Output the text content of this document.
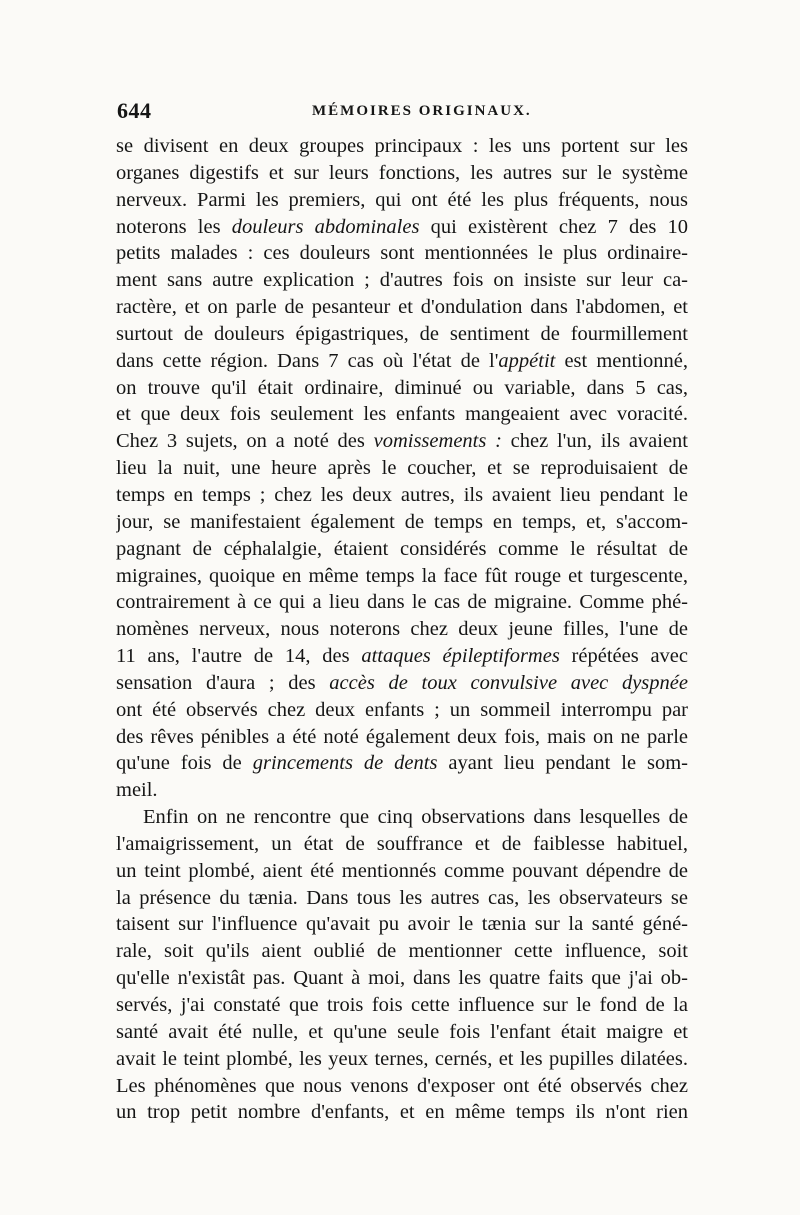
644	MÉMOIRES ORIGINAUX.

se divisent en deux groupes principaux : les uns portent sur les
organes digestifs et sur leurs fonctions, les autres sur le système
nerveux. Parmi les premiers, qui ont été les plus fréquents, nous
noterons les douleurs abdominales qui existèrent chez 7 des 10
petits malades : ces douleurs sont mentionnées le plus ordinaire-
ment sans autre explication ; d'autres fois on insiste sur leur ca-
ractère, et on parle de pesanteur et d'ondulation dans l'abdomen, et
surtout de douleurs épigastriques, de sentiment de fourmillement
dans cette région. Dans 7 cas où l'état de l'appétit est mentionné,
on trouve qu'il était ordinaire, diminué ou variable, dans 5 cas,
et que deux fois seulement les enfants mangeaient avec voracité.
Chez 3 sujets, on a noté des vomissements : chez l'un, ils avaient
lieu la nuit, une heure après le coucher, et se reproduisaient de
temps en temps ; chez les deux autres, ils avaient lieu pendant le
jour, se manifestaient également de temps en temps, et, s'accom-
pagnant de céphalalgie, étaient considérés comme le résultat de
migraines, quoique en même temps la face fût rouge et turgescente,
contrairement à ce qui a lieu dans le cas de migraine. Comme phé-
nomènes nerveux, nous noterons chez deux jeune filles, l'une de
11 ans, l'autre de 14, des attaques épileptiformes répétées avec
sensation d'aura ; des accès de toux convulsive avec dyspnée
ont été observés chez deux enfants ; un sommeil interrompu par
des rêves pénibles a été noté également deux fois, mais on ne parle
qu'une fois de grincements de dents ayant lieu pendant le som-
meil.

Enfin on ne rencontre que cinq observations dans lesquelles de
l'amaigrissement, un état de souffrance et de faiblesse habituel,
un teint plombé, aient été mentionnés comme pouvant dépendre de
la présence du tænia. Dans tous les autres cas, les observateurs se
taisent sur l'influence qu'avait pu avoir le tænia sur la santé géné-
rale, soit qu'ils aient oublié de mentionner cette influence, soit
qu'elle n'existât pas. Quant à moi, dans les quatre faits que j'ai ob-
servés, j'ai constaté que trois fois cette influence sur le fond de la
santé avait été nulle, et qu'une seule fois l'enfant était maigre et
avait le teint plombé, les yeux ternes, cernés, et les pupilles dilatées.
Les phénomènes que nous venons d'exposer ont été observés chez
un trop petit nombre d'enfants, et en même temps ils n'ont rien
